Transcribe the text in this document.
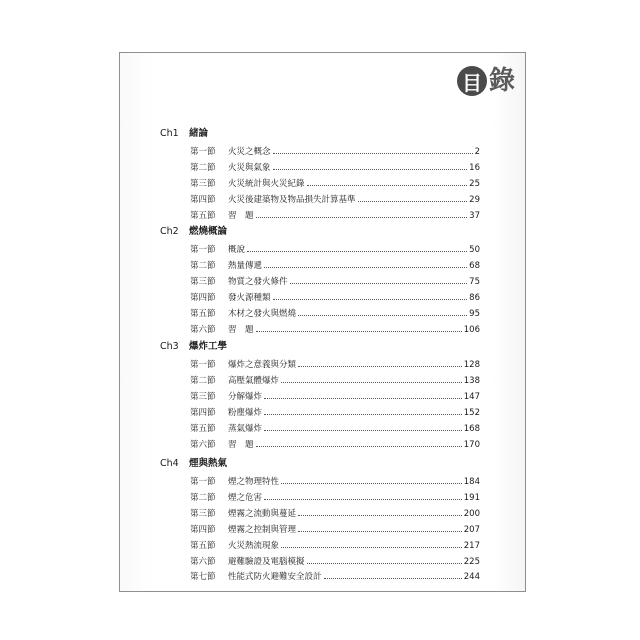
目 錄
Ch1 緒論
第一節	火災之概念	2
第二節	火災與氣象	16
第三節	火災統計與火災紀錄	25
第四節	火災後建築物及物品損失計算基準	29
第五節	習　題	37
Ch2 燃燒概論
第一節	概說	50
第二節	熱量傳遞	68
第三節	物質之發火條件	75
第四節	發火源種類	86
第五節	木材之發火與燃燒	95
第六節	習　題	106
Ch3 爆炸工學
第一節	爆炸之意義與分類	128
第二節	高壓氣體爆炸	138
第三節	分解爆炸	147
第四節	粉塵爆炸	152
第五節	蒸氣爆炸	168
第六節	習　題	170
Ch4 煙與熱氣
第一節	煙之物理特性	184
第二節	煙之危害	191
第三節	煙霧之流動與蔓延	200
第四節	煙霧之控制與管理	207
第五節	火災熱流現象	217
第六節	避難驗證及電腦模擬	225
第七節	性能式防火避難安全設計	244
